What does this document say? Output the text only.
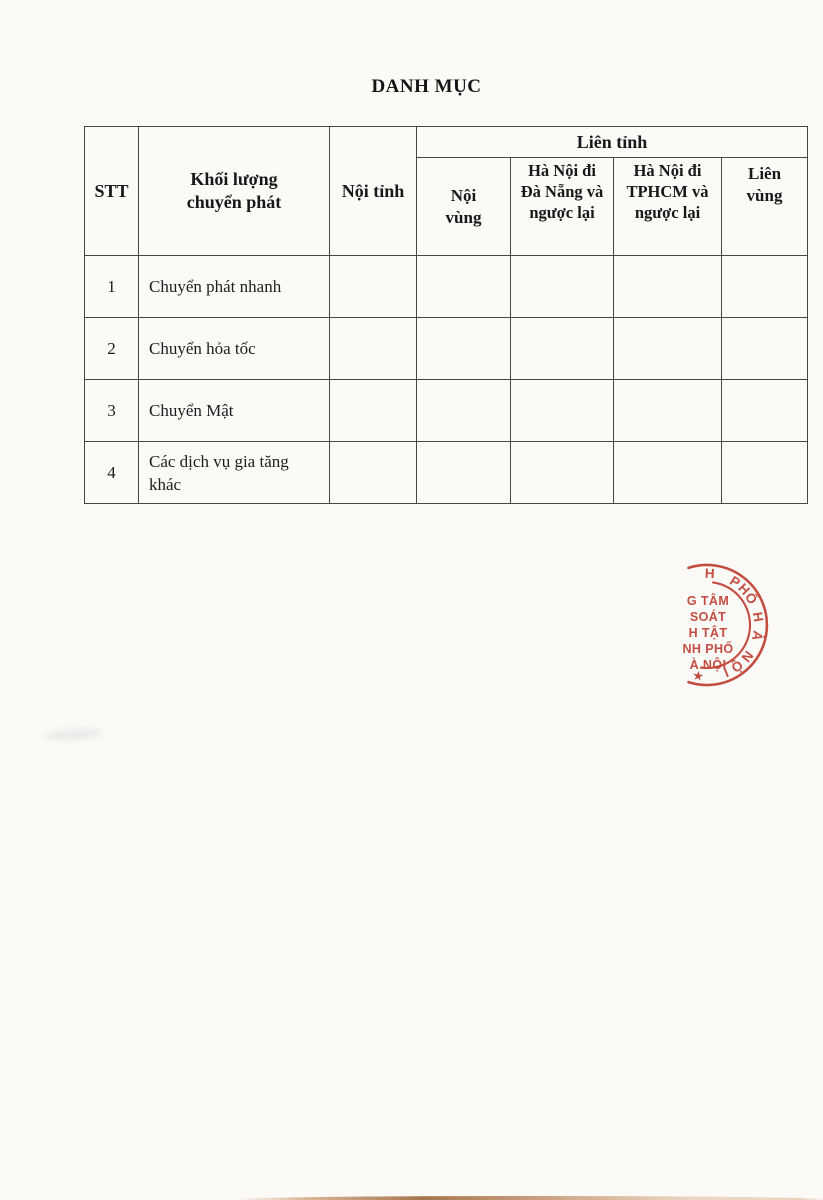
DANH MỤC
STT	Khối lượng chuyển phát	Nội tỉnh	Liên tỉnh			

			Nội vùng	Hà Nội đi Đà Nẵng và ngược lại	Hà Nội đi TPHCM và ngược lại	Liên vùng

1	Chuyển phát nhanh					
2	Chuyển hỏa tốc					
3	Chuyển Mật					
4	Các dịch vụ gia tăng khác					
G TÂM
SOÁT
H TẬT
NH PHỐ
À NỘI
H P
H
Ố
H
À
N
Ộ
I
★
